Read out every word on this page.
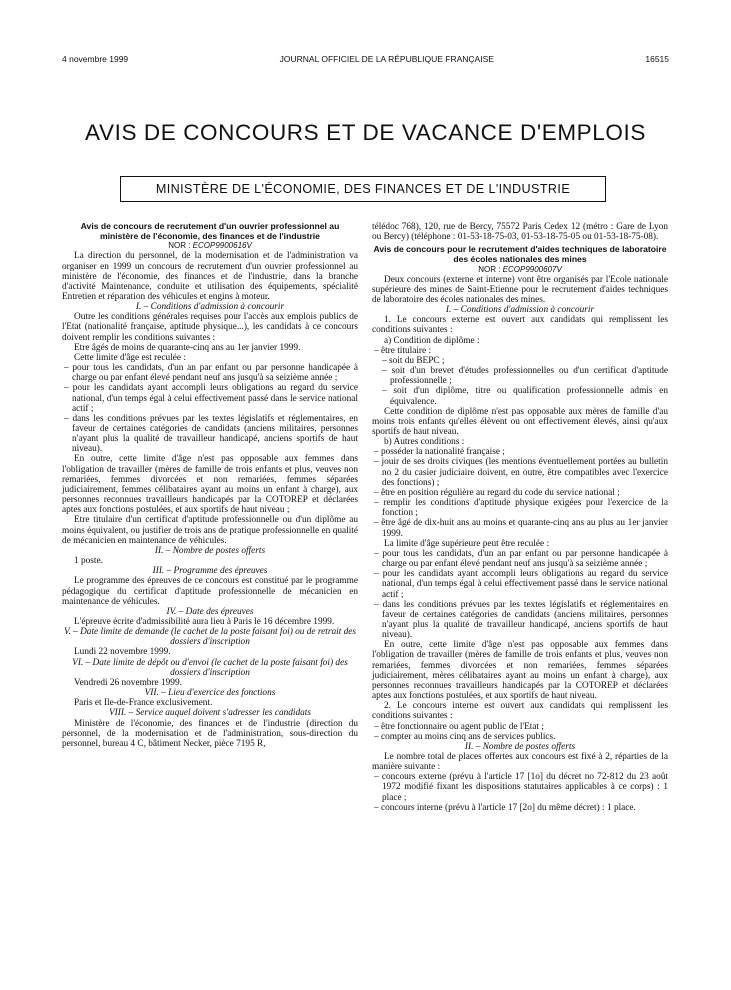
4 novembre 1999	JOURNAL OFFICIEL DE LA RÉPUBLIQUE FRANÇAISE	16515
AVIS DE CONCOURS ET DE VACANCE D'EMPLOIS
MINISTÈRE DE L'ÉCONOMIE, DES FINANCES ET DE L'INDUSTRIE

Avis de concours de recrutement d'un ouvrier professionnel au ministère de l'économie, des finances et de l'industrie

NOR : ECOP9900616V

La direction du personnel, de la modernisation et de l'administration va organiser en 1999 un concours de recrutement d'un ouvrier professionnel au ministère de l'économie, des finances et de l'industrie, dans la branche d'activité Maintenance, conduite et utilisation des équipements, spécialité Entretien et réparation des véhicules et engins à moteur.

I. – Conditions d'admission à concourir

Outre les conditions générales requises pour l'accès aux emplois publics de l'Etat (nationalité française, aptitude physique...), les candidats à ce concours doivent remplir les conditions suivantes :

Etre âgés de moins de quarante-cinq ans au 1er janvier 1999.

Cette limite d'âge est reculée :

– pour tous les candidats, d'un an par enfant ou par personne handicapée à charge ou par enfant élevé pendant neuf ans jusqu'à sa seizième année ;

– pour les candidats ayant accompli leurs obligations au regard du service national, d'un temps égal à celui effectivement passé dans le service national actif ;

– dans les conditions prévues par les textes législatifs et réglementaires, en faveur de certaines catégories de candidats (anciens militaires, personnes n'ayant plus la qualité de travailleur handicapé, anciens sportifs de haut niveau).

En outre, cette limite d'âge n'est pas opposable aux femmes dans l'obligation de travailler (mères de famille de trois enfants et plus, veuves non remariées, femmes divorcées et non remariées, femmes séparées judiciairement, femmes célibataires ayant au moins un enfant à charge), aux personnes reconnues travailleurs handicapés par la COTOREP et déclarées aptes aux fonctions postulées, et aux sportifs de haut niveau ;

Etre titulaire d'un certificat d'aptitude professionnelle ou d'un diplôme au moins équivalent, ou justifier de trois ans de pratique professionnelle en qualité de mécanicien en maintenance de véhicules.

II. – Nombre de postes offerts

1 poste.

III. – Programme des épreuves

Le programme des épreuves de ce concours est constitué par le programme pédagogique du certificat d'aptitude professionnelle de mécanicien en maintenance de véhicules.

IV. – Date des épreuves

L'épreuve écrite d'admissibilité aura lieu à Paris le 16 décembre 1999.

V. – Date limite de demande (le cachet de la poste faisant foi) ou de retrait des dossiers d'inscription

Lundi 22 novembre 1999.

VI. – Date limite de dépôt ou d'envoi (le cachet de la poste faisant foi) des dossiers d'inscription

Vendredi 26 novembre 1999.

VII. – Lieu d'exercice des fonctions

Paris et Ile-de-France exclusivement.

VIII. – Service auquel doivent s'adresser les candidats

Ministère de l'économie, des finances et de l'industrie (direction du personnel, de la modernisation et de l'administration, sous-direction du personnel, bureau 4 C, bâtiment Necker, pièce 7195 R,

télédoc 768), 120, rue de Bercy, 75572 Paris Cedex 12 (métro : Gare de Lyon ou Bercy) (téléphone : 01-53-18-75-03, 01-53-18-75-05 ou 01-53-18-75-08).

Avis de concours pour le recrutement d'aides techniques de laboratoire des écoles nationales des mines

NOR : ECOP9900607V

Deux concours (externe et interne) vont être organisés par l'Ecole nationale supérieure des mines de Saint-Etienne pour le recrutement d'aides techniques de laboratoire des écoles nationales des mines.

I. – Conditions d'admission à concourir

1. Le concours externe est ouvert aux candidats qui remplissent les conditions suivantes :

a) Condition de diplôme :

– être titulaire :

– soit du BEPC ;

– soit d'un brevet d'études professionnelles ou d'un certificat d'aptitude professionnelle ;

– soit d'un diplôme, titre ou qualification professionnelle admis en équivalence.

Cette condition de diplôme n'est pas opposable aux mères de famille d'au moins trois enfants qu'elles élèvent ou ont effectivement élevés, ainsi qu'aux sportifs de haut niveau.

b) Autres conditions :

– posséder la nationalité française ;

– jouir de ses droits civiques (les mentions éventuellement portées au bulletin no 2 du casier judiciaire doivent, en outre, être compatibles avec l'exercice des fonctions) ;

– être en position régulière au regard du code du service national ;

– remplir les conditions d'aptitude physique exigées pour l'exercice de la fonction ;

– être âgé de dix-huit ans au moins et quarante-cinq ans au plus au 1er janvier 1999.

La limite d'âge supérieure peut être reculée :

– pour tous les candidats, d'un an par enfant ou par personne handicapée à charge ou par enfant élevé pendant neuf ans jusqu'à sa seizième année ;

– pour les candidats ayant accompli leurs obligations au regard du service national, d'un temps égal à celui effectivement passé dans le service national actif ;

– dans les conditions prévues par les textes législatifs et réglementaires en faveur de certaines catégories de candidats (anciens militaires, personnes n'ayant plus la qualité de travailleur handicapé, anciens sportifs de haut niveau).

En outre, cette limite d'âge n'est pas opposable aux femmes dans l'obligation de travailler (mères de famille de trois enfants et plus, veuves non remariées, femmes divorcées et non remariées, femmes séparées judiciairement, mères célibataires ayant au moins un enfant à charge), aux personnes reconnues travailleurs handicapés par la COTOREP et déclarées aptes aux fonctions postulées, et aux sportifs de haut niveau.

2. Le concours interne est ouvert aux candidats qui remplissent les conditions suivantes :

– être fonctionnaire ou agent public de l'Etat ;

– compter au moins cinq ans de services publics.

II. – Nombre de postes offerts

Le nombre total de places offertes aux concours est fixé à 2, réparties de la manière suivante :

– concours externe (prévu à l'article 17 [1o] du décret no 72-812 du 23 août 1972 modifié fixant les dispositions statutaires applicables à ce corps) : 1 place ;

– concours interne (prévu à l'article 17 [2o] du même décret) : 1 place.
